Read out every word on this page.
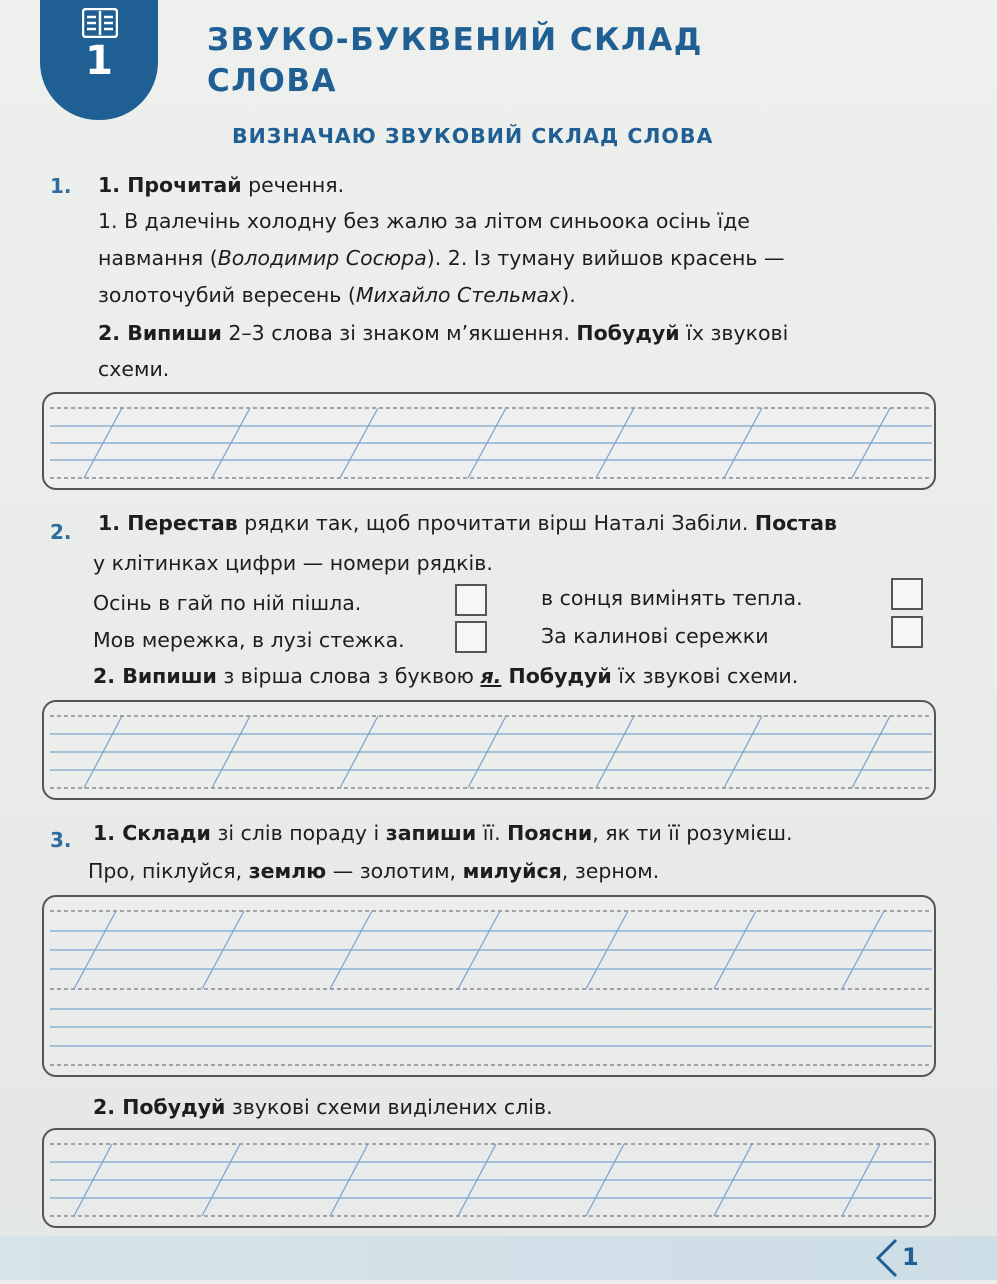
1	ЗВУКО-БУКВЕНИЙ СКЛАД
СЛОВА
ВИЗНАЧАЮ ЗВУКОВИЙ СКЛАД СЛОВА
1. 1. Прочитай речення.
1. В далечінь холодну без жалю за літом синьоока осінь їде
навмання (Володимир Сосюра). 2. Із туману вийшов красень —
золоточубий вересень (Михайло Стельмах).
2. Випиши 2–3 слова зі знаком м’якшення. Побудуй їх звукові
схеми.
2. 1. Перестав рядки так, щоб прочитати вірш Наталі Забіли. Постав
у клітинках цифри — номери рядків.
Осінь в гай по ній пішла.	в сонця вимінять тепла.
Мов мережка, в лузі стежка.	За калинові сережки
2. Випиши з вірша слова з буквою я. Побудуй їх звукові схеми.
3. 1. Склади зі слів пораду і запиши її. Поясни, як ти її розумієш.
Про, піклуйся, землю — золотим, милуйся, зерном.
2. Побудуй звукові схеми виділених слів.
1
